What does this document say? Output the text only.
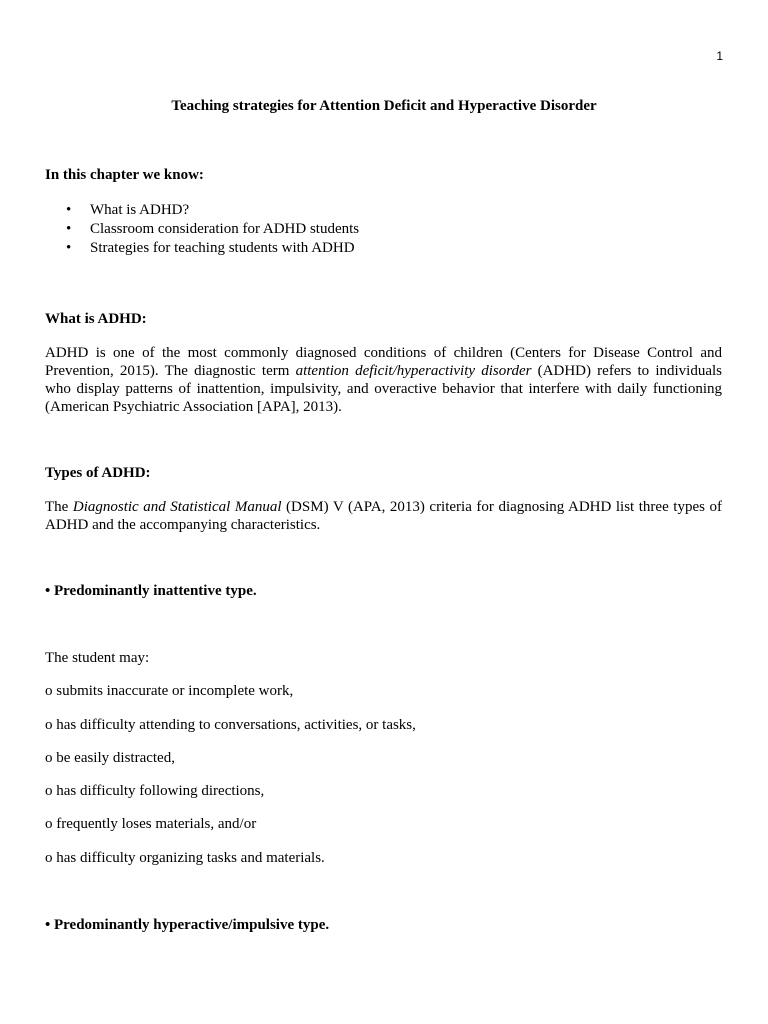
1
Teaching strategies for Attention Deficit and Hyperactive Disorder
In this chapter we know:
• What is ADHD?
• Classroom consideration for ADHD students
• Strategies for teaching students with ADHD
What is ADHD:
ADHD is one of the most commonly diagnosed conditions of children (Centers for Disease Control and Prevention, 2015). The diagnostic term attention deficit/hyperactivity disorder (ADHD) refers to individuals who display patterns of inattention, impulsivity, and overactive behavior that interfere with daily functioning (American Psychiatric Association [APA], 2013).
Types of ADHD:
The Diagnostic and Statistical Manual (DSM) V (APA, 2013) criteria for diagnosing ADHD list three types of ADHD and the accompanying characteristics.
• Predominantly inattentive type.
The student may:
o submits inaccurate or incomplete work,
o has difficulty attending to conversations, activities, or tasks,
o be easily distracted,
o has difficulty following directions,
o frequently loses materials, and/or
o has difficulty organizing tasks and materials.
• Predominantly hyperactive/impulsive type.
